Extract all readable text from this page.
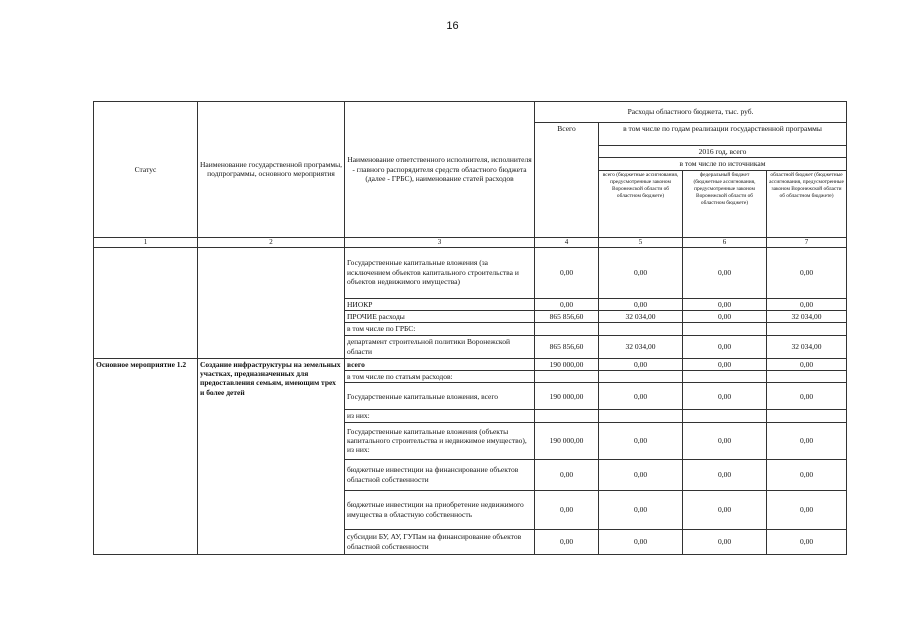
16
Статус	Наименование государственной программы, подпрограммы, основного мероприятия	Наименование ответственного исполнителя, исполнителя - главного распорядителя средств областного бюджета (далее - ГРБС), наименование статей расходов	Расходы областного бюджета, тыс. руб.			
			Всего	в том числе по годам реализации государственной программы		
				2016 год, всего		
				в том числе по источникам		
				всего (бюджетные ассигнования, предусмотренные законом Воронежской области об областном бюджете)	федеральный бюджет (бюджетные ассигнования, предусмотренные законом Воронежской области об областном бюджете)	областной бюджет (бюджетные ассигнования, предусмотренные законом Воронежской области об областном бюджете)
1	2	3	4	5	6	7
		Государственные капитальные вложения (за исключением объектов капитального строительства и объектов недвижимого имущества)	0,00	0,00	0,00	0,00
		НИОКР	0,00	0,00	0,00	0,00
		ПРОЧИЕ расходы	865 856,60	32 034,00	0,00	32 034,00
		в том числе по ГРБС:				
		департамент строительной политики Воронежской области	865 856,60	32 034,00	0,00	32 034,00
Основное мероприятие 1.2	Создание инфраструктуры на земельных участках, предназначенных для предоставления семьям, имеющим трех и более детей	всего	190 000,00	0,00	0,00	0,00
		в том числе по статьям расходов:				
		Государственные капитальные вложения, всего	190 000,00	0,00	0,00	0,00
		из них:				
		Государственные капитальные вложения (объекты капитального строительства и недвижимое имущество), из них:	190 000,00	0,00	0,00	0,00
		бюджетные инвестиции на финансирование объектов областной собственности	0,00	0,00	0,00	0,00
		бюджетные инвестиции на приобретение недвижимого имущества в областную собственность	0,00	0,00	0,00	0,00
		субсидии БУ, АУ, ГУПам на финансирование объектов областной собственности	0,00	0,00	0,00	0,00
